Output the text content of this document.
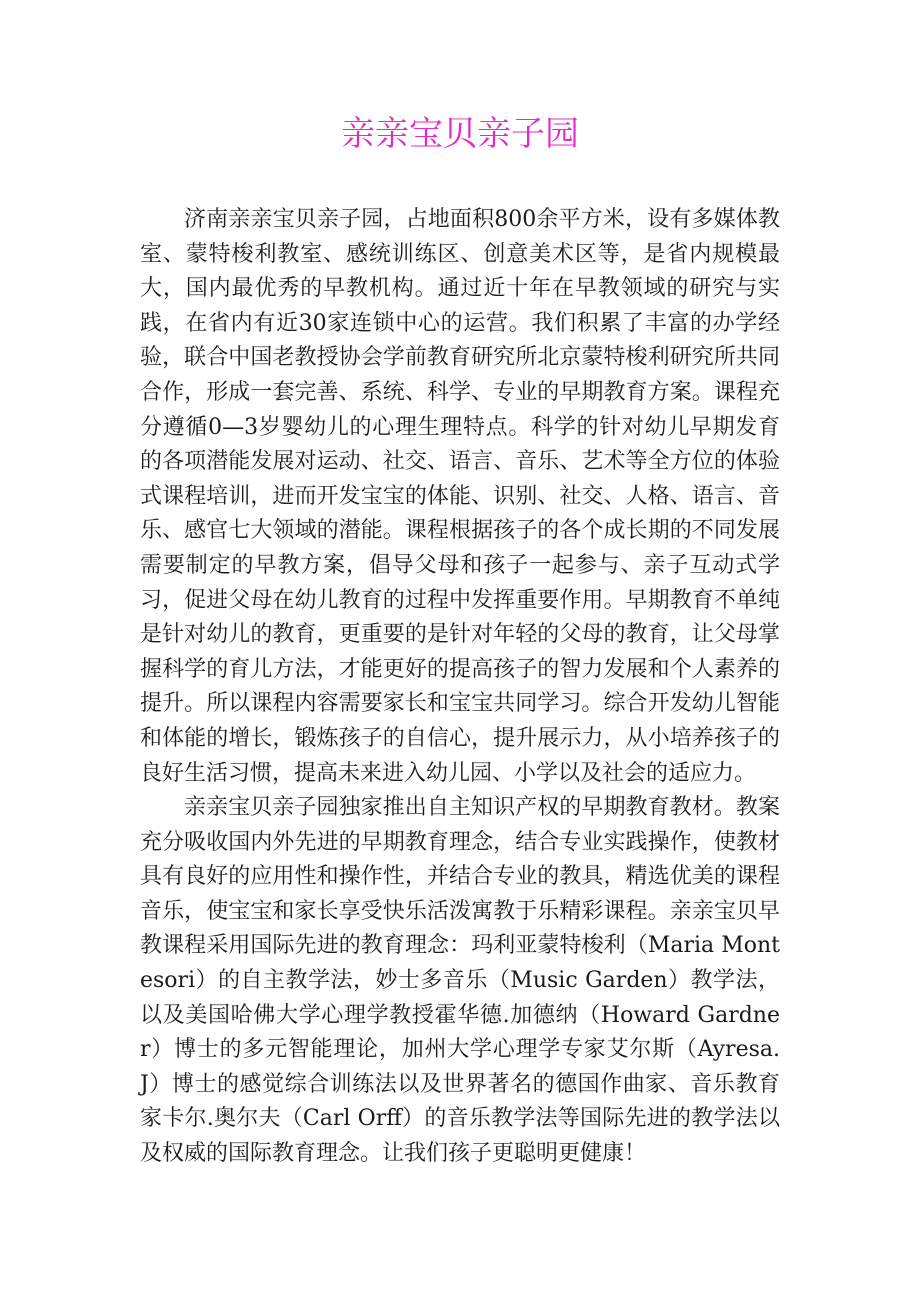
亲亲宝贝亲子园

济南亲亲宝贝亲子园，占地面积800余平方米，设有多媒体教室、蒙特梭利教室、感统训练区、创意美术区等，是省内规模最大，国内最优秀的早教机构。通过近十年在早教领域的研究与实践，在省内有近30家连锁中心的运营。我们积累了丰富的办学经验，联合中国老教授协会学前教育研究所北京蒙特梭利研究所共同合作，形成一套完善、系统、科学、专业的早期教育方案。课程充分遵循0—3岁婴幼儿的心理生理特点。科学的针对幼儿早期发育的各项潜能发展对运动、社交、语言、音乐、艺术等全方位的体验式课程培训，进而开发宝宝的体能、识别、社交、人格、语言、音乐、感官七大领域的潜能。课程根据孩子的各个成长期的不同发展需要制定的早教方案，倡导父母和孩子一起参与、亲子互动式学习，促进父母在幼儿教育的过程中发挥重要作用。早期教育不单纯是针对幼儿的教育，更重要的是针对年轻的父母的教育，让父母掌握科学的育儿方法，才能更好的提高孩子的智力发展和个人素养的提升。所以课程内容需要家长和宝宝共同学习。综合开发幼儿智能和体能的增长，锻炼孩子的自信心，提升展示力，从小培养孩子的良好生活习惯，提高未来进入幼儿园、小学以及社会的适应力。

亲亲宝贝亲子园独家推出自主知识产权的早期教育教材。教案充分吸收国内外先进的早期教育理念，结合专业实践操作，使教材具有良好的应用性和操作性，并结合专业的教具，精选优美的课程音乐，使宝宝和家长享受快乐活泼寓教于乐精彩课程。亲亲宝贝早教课程采用国际先进的教育理念：玛利亚蒙特梭利（Maria Montesori）的自主教学法，妙士多音乐（Music Garden）教学法，以及美国哈佛大学心理学教授霍华德.加德纳（Howard Gardner）博士的多元智能理论，加州大学心理学专家艾尔斯（Ayresa.J）博士的感觉综合训练法以及世界著名的德国作曲家、音乐教育家卡尔.奥尔夫（Carl Orff）的音乐教学法等国际先进的教学法以及权威的国际教育理念。让我们孩子更聪明更健康！
